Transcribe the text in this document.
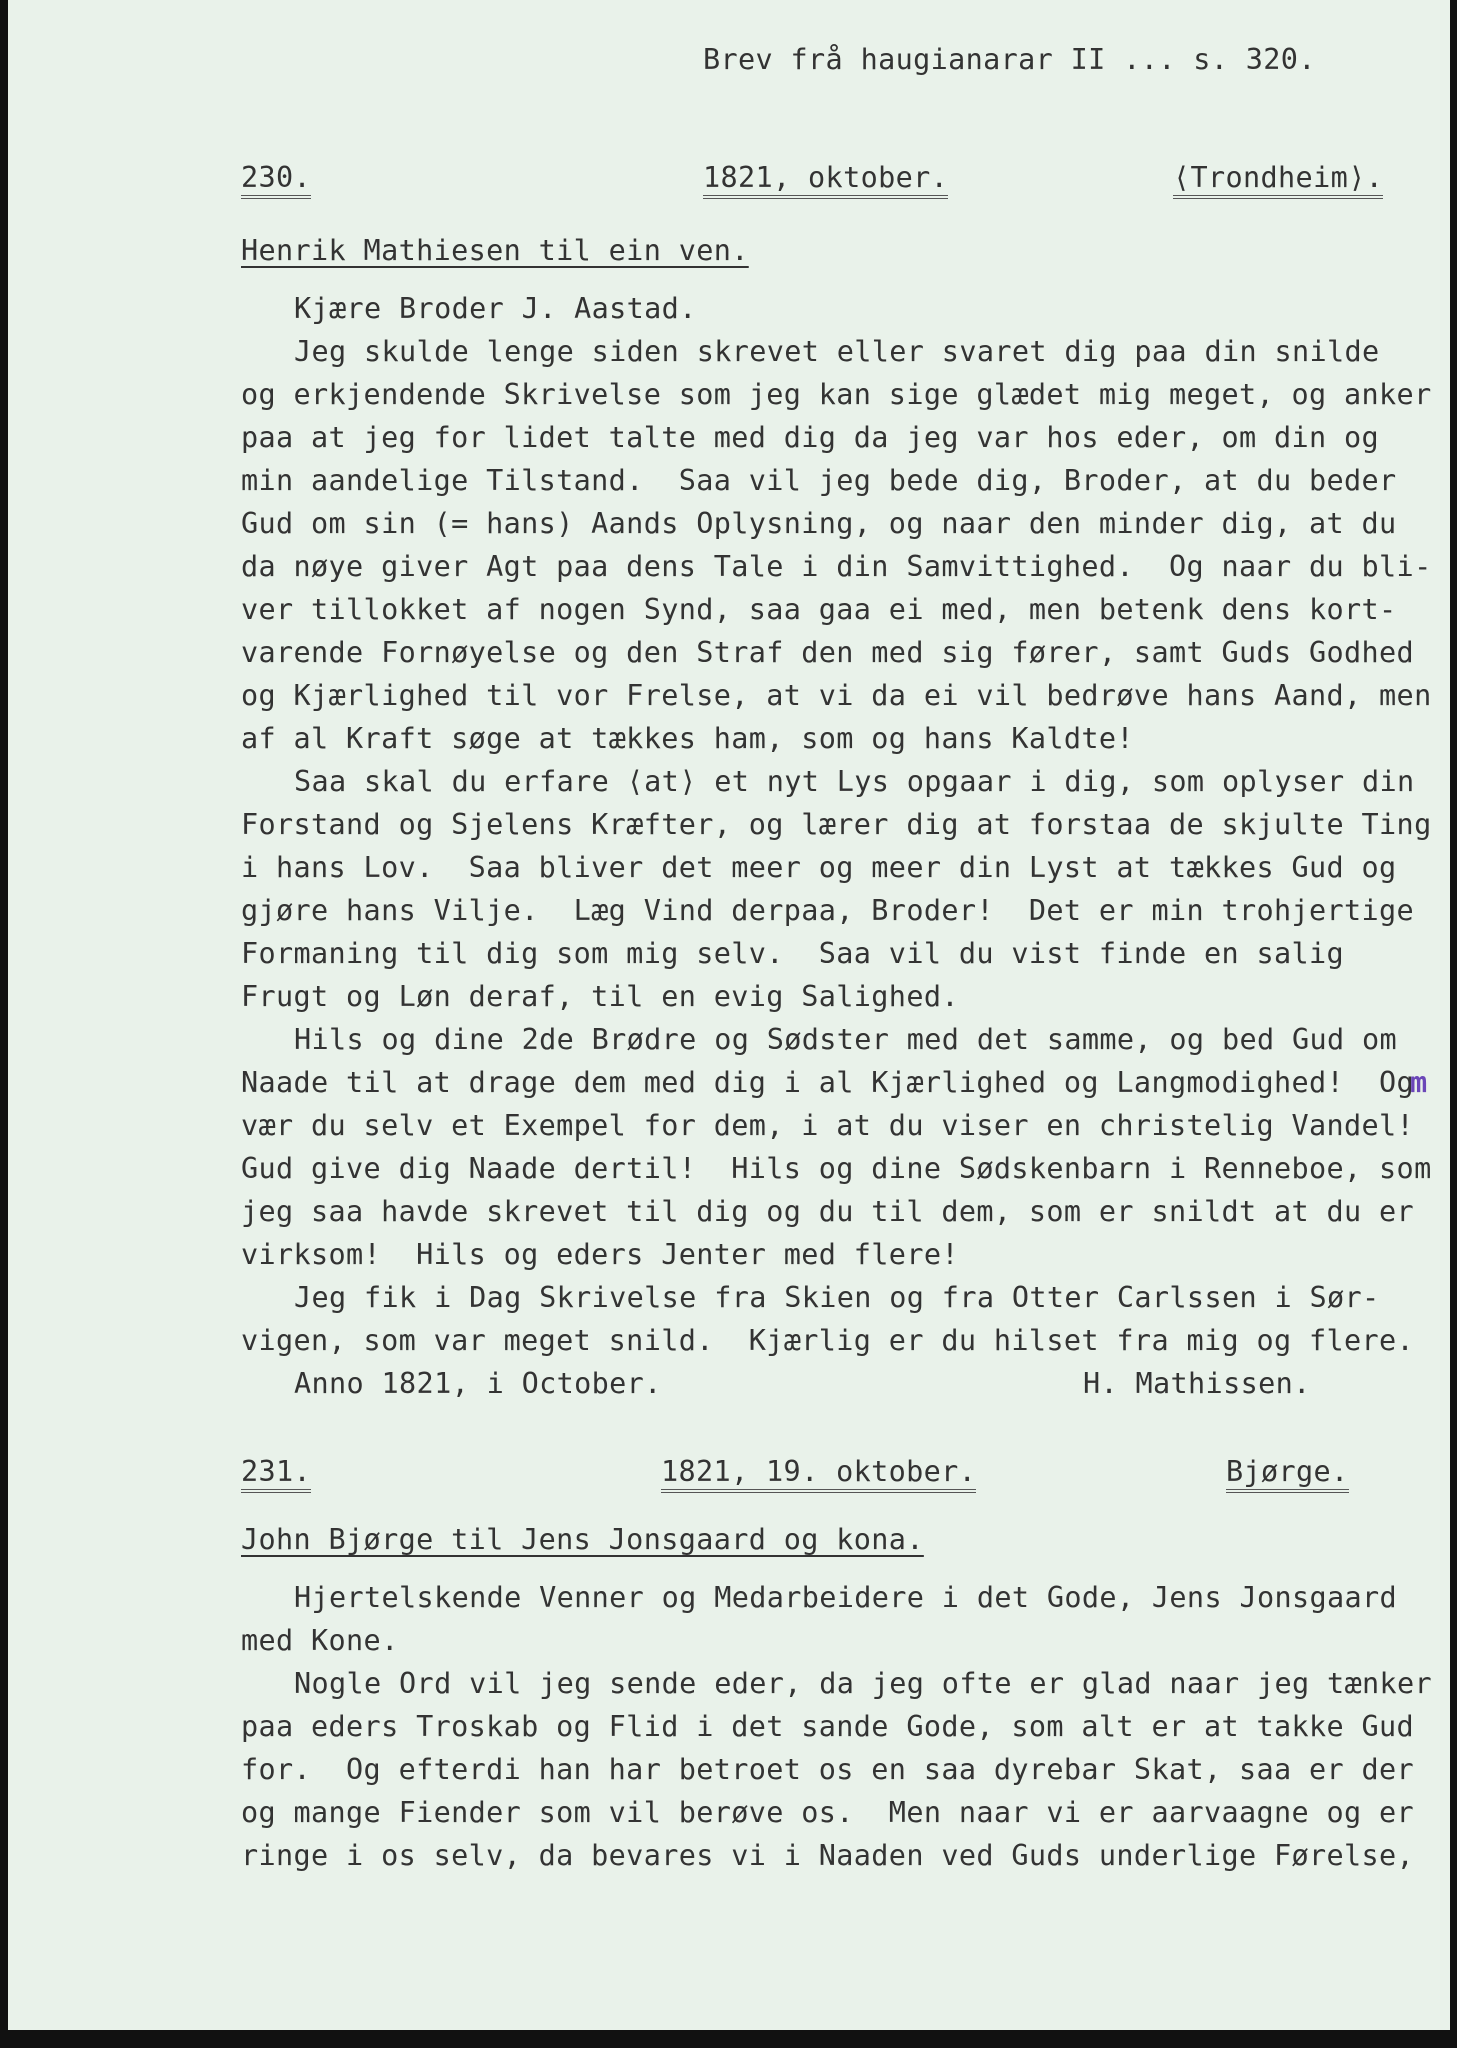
Brev frå haugianarar II ... s. 320.
230.	1821, oktober.	⟨Trondheim⟩.
Henrik Mathiesen til ein ven.
Kjære Broder J. Aastad.
Jeg skulde lenge siden skrevet eller svaret dig paa din snilde
og erkjendende Skrivelse som jeg kan sige glædet mig meget, og anker
paa at jeg for lidet talte med dig da jeg var hos eder, om din og
min aandelige Tilstand.  Saa vil jeg bede dig, Broder, at du beder
Gud om sin (= hans) Aands Oplysning, og naar den minder dig, at du
da nøye giver Agt paa dens Tale i din Samvittighed.  Og naar du bli-
ver tillokket af nogen Synd, saa gaa ei med, men betenk dens kort-
varende Fornøyelse og den Straf den med sig fører, samt Guds Godhed
og Kjærlighed til vor Frelse, at vi da ei vil bedrøve hans Aand, men
af al Kraft søge at tækkes ham, som og hans Kaldte!
Saa skal du erfare ⟨at⟩ et nyt Lys opgaar i dig, som oplyser din
Forstand og Sjelens Kræfter, og lærer dig at forstaa de skjulte Ting
i hans Lov.  Saa bliver det meer og meer din Lyst at tækkes Gud og
gjøre hans Vilje.  Læg Vind derpaa, Broder!  Det er min trohjertige
Formaning til dig som mig selv.  Saa vil du vist finde en salig
Frugt og Løn deraf, til en evig Salighed.
Hils og dine 2de Brødre og Sødster med det samme, og bed Gud om
Naade til at drage dem med dig i al Kjærlighed og Langmodighed!  Og
m
vær du selv et Exempel for dem, i at du viser en christelig Vandel!
Gud give dig Naade dertil!  Hils og dine Sødskenbarn i Renneboe, som
jeg saa havde skrevet til dig og du til dem, som er snildt at du er
virksom!  Hils og eders Jenter med flere!
Jeg fik i Dag Skrivelse fra Skien og fra Otter Carlssen i Sør-
vigen, som var meget snild.  Kjærlig er du hilset fra mig og flere.
Anno 1821, i October.	H. Mathissen.
231.	1821, 19. oktober.	Bjørge.
John Bjørge til Jens Jonsgaard og kona.
Hjertelskende Venner og Medarbeidere i det Gode, Jens Jonsgaard
med Kone.
Nogle Ord vil jeg sende eder, da jeg ofte er glad naar jeg tænker
paa eders Troskab og Flid i det sande Gode, som alt er at takke Gud
for.  Og efterdi han har betroet os en saa dyrebar Skat, saa er der
og mange Fiender som vil berøve os.  Men naar vi er aarvaagne og er
ringe i os selv, da bevares vi i Naaden ved Guds underlige Førelse,
